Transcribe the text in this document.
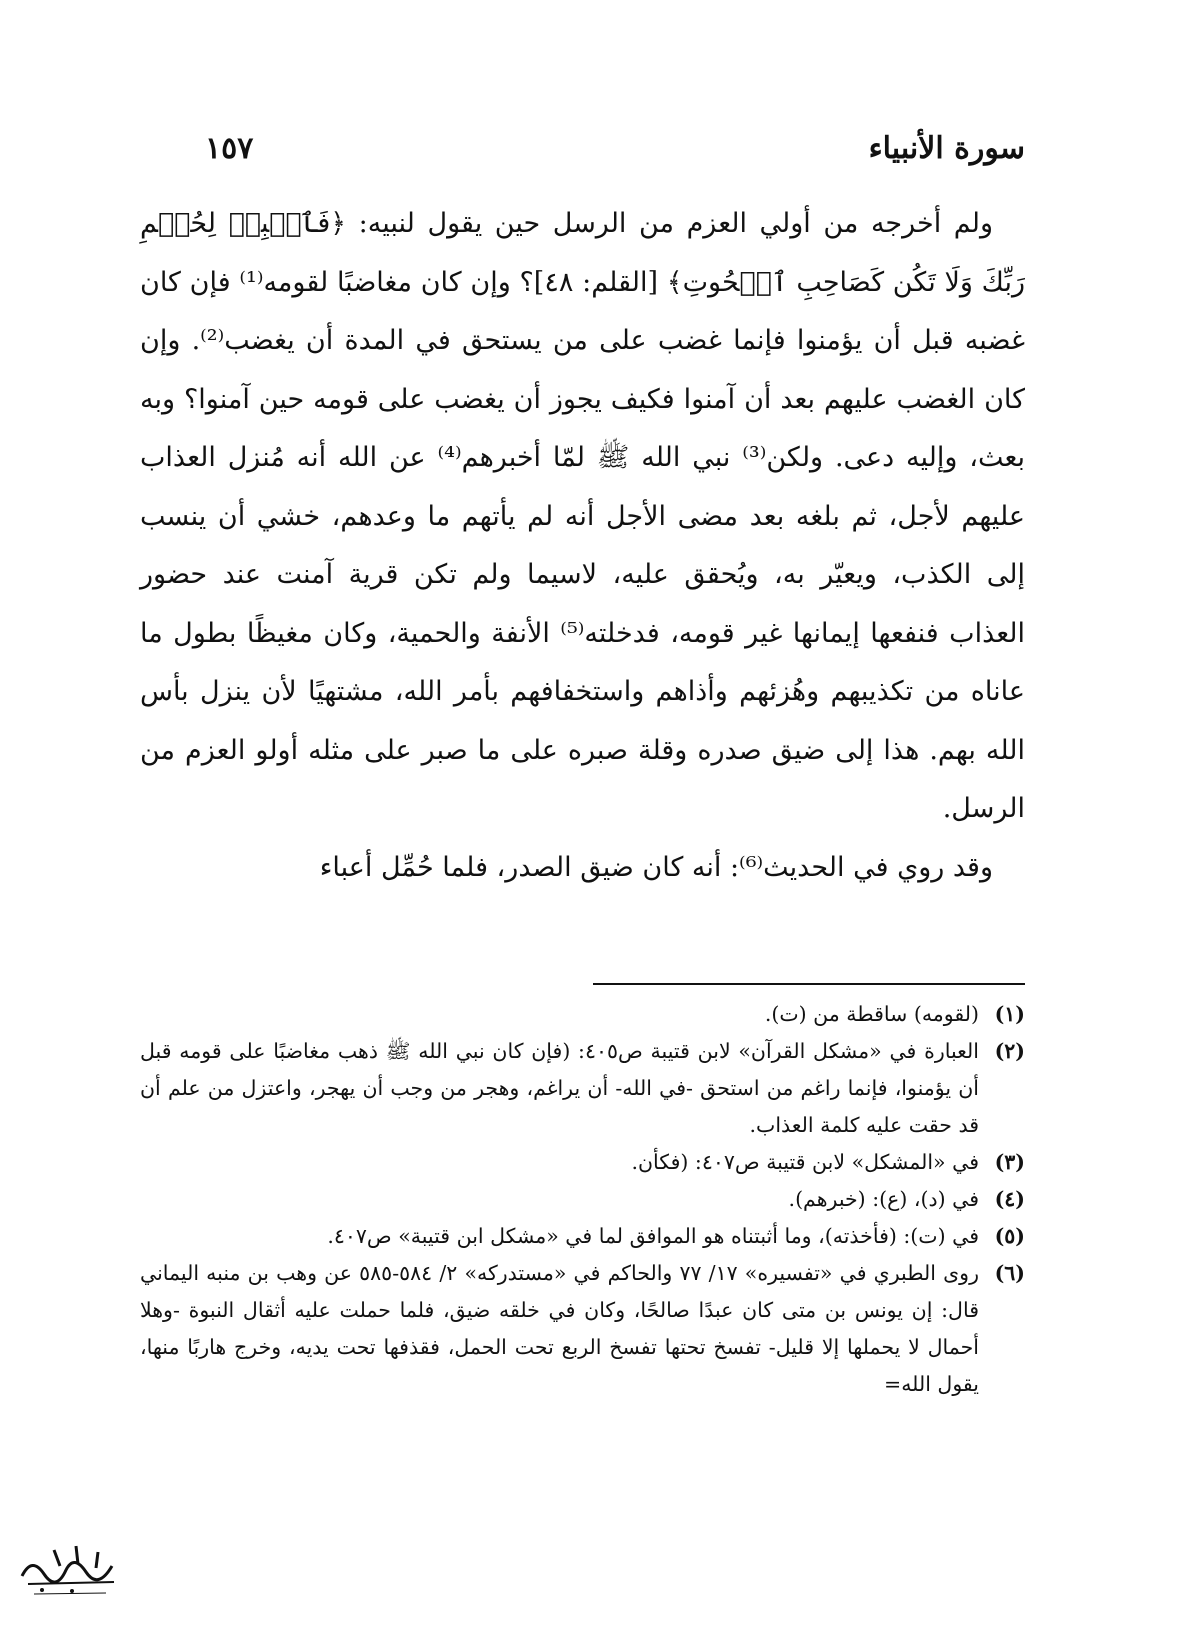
سورة الأنبياء
١٥٧

ولم أخرجه من أولي العزم من الرسل حين يقول لنبيه: ﴿فَٱصۡبِرۡ لِحُكۡمِ رَبِّكَ وَلَا تَكُن كَصَاحِبِ ٱلۡحُوتِ﴾ [القلم: ٤٨]؟ وإن كان مغاضبًا لقومه⁽¹⁾ فإن كان غضبه قبل أن يؤمنوا فإنما غضب على من يستحق في المدة أن يغضب⁽²⁾. وإن كان الغضب عليهم بعد أن آمنوا فكيف يجوز أن يغضب على قومه حين آمنوا؟ وبه بعث، وإليه دعى. ولكن⁽³⁾ نبي الله ﷺ لمّا أخبرهم⁽⁴⁾ عن الله أنه مُنزل العذاب عليهم لأجل، ثم بلغه بعد مضى الأجل أنه لم يأتهم ما وعدهم، خشي أن ينسب إلى الكذب، ويعيّر به، ويُحقق عليه، لاسيما ولم تكن قرية آمنت عند حضور العذاب فنفعها إيمانها غير قومه، فدخلته⁽⁵⁾ الأنفة والحمية، وكان مغيظًا بطول ما عاناه من تكذيبهم وهُزئهم وأذاهم واستخفافهم بأمر الله، مشتهيًا لأن ينزل بأس الله بهم. هذا إلى ضيق صدره وقلة صبره على ما صبر على مثله أولو العزم من الرسل.

وقد روي في الحديث⁽⁶⁾: أنه كان ضيق الصدر، فلما حُمِّل أعباء

(١)
(لقومه) ساقطة من (ت).
(٢)
العبارة في «مشكل القرآن» لابن قتيبة ص٤٠٥: (فإن كان نبي الله ﷺ ذهب مغاضبًا على قومه قبل أن يؤمنوا، فإنما راغم من استحق -في الله- أن يراغم، وهجر من وجب أن يهجر، واعتزل من علم أن قد حقت عليه كلمة العذاب.
(٣)
في «المشكل» لابن قتيبة ص٤٠٧: (فكأن.
(٤)
في (د)، (ع): (خبرهم).
(٥)
في (ت): (فأخذته)، وما أثبتناه هو الموافق لما في «مشكل ابن قتيبة» ص٤٠٧.
(٦)
روى الطبري في «تفسيره» ١٧/ ٧٧ والحاكم في «مستدركه» ٢/ ٥٨٤-٥٨٥ عن وهب بن منبه اليماني قال: إن يونس بن متى كان عبدًا صالحًا، وكان في خلقه ضيق، فلما حملت عليه أثقال النبوة -وهلا أحمال لا يحملها إلا قليل- تفسخ تحتها تفسخ الربع تحت الحمل، فقذفها تحت يديه، وخرج هاربًا منها، يقول الله=
